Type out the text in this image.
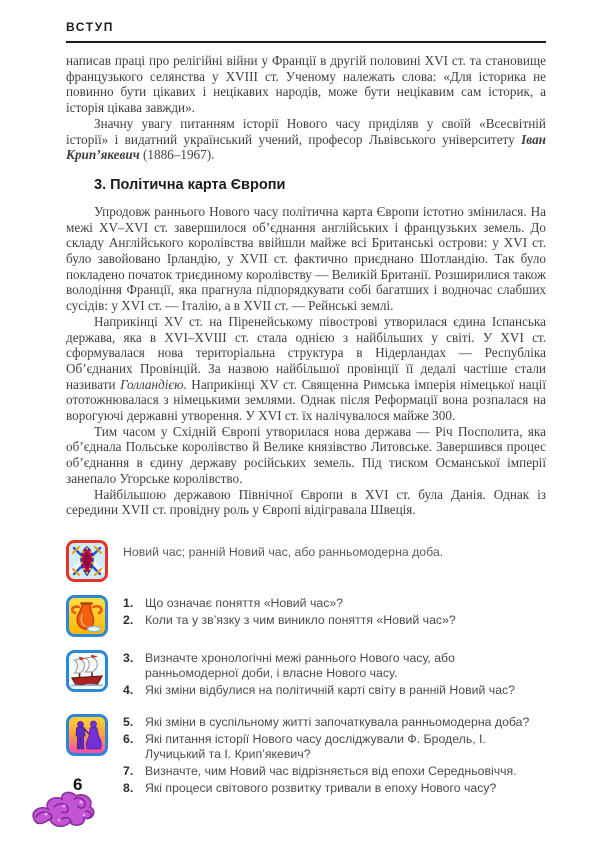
ВСТУП

написав праці про релігійні війни у Франції в другій половині XVI ст. та становище французького селянства у XVIII ст. Ученому належать слова: «Для історика не повинно бути цікавих і нецікавих народів, може бути нецікавим сам історик, а історія цікава завжди».

Значну увагу питанням історії Нового часу приділяв у своїй «Всесвітній історії» і видатний український учений, професор Львівського університету Іван Крип’якевич (1886–1967).

3. Політична карта Європи

Упродовж раннього Нового часу політична карта Європи істотно змінилася. На межі XV–XVI ст. завершилося об’єднання англійських і французьких земель. До складу Англійського королівства ввійшли майже всі Британські острови: у XVI ст. було завойовано Ірландію, у XVII ст. фактично приєднано Шотландію. Так було покладено початок триєдиному королівству — Великій Британії. Розширилися також володіння Франції, яка прагнула підпорядкувати собі багатших і водночас слабших сусідів: у XVI ст. — Італію, а в XVII ст. — Рейнські землі.

Наприкінці XV ст. на Піренейському півострові утворилася єдина Іспанська держава, яка в XVI–XVIII ст. стала однією з найбільших у світі. У XVI ст. сформувалася нова територіальна структура в Нідерландах — Республіка Об’єднаних Провінцій. За назвою найбільшої провінції її дедалі частіше стали називати Голландією. Наприкінці XV ст. Священна Римська імперія німецької нації ототожнювалася з німецькими землями. Однак після Реформації вона розпалася на ворогуючі державні утворення. У XVI ст. їх налічувалося майже 300.

Тим часом у Східній Європі утворилася нова держава — Річ Посполита, яка об’єднала Польське королівство й Велике князівство Литовське. Завершився процес об’єднання в єдину державу російських земель. Під тиском Османської імперії занепало Угорське королівство.

Найбільшою державою Північної Європи в XVI ст. була Данія. Однак із середини XVII ст. провідну роль у Європі відігравала Швеція.

Новий час; ранній Новий час, або ранньомодерна доба.
1. Що означає поняття «Новий час»?
2. Коли та у зв’язку з чим виникло поняття «Новий час»?
3. Визначте хронологічні межі раннього Нового часу, або ранньомодерної доби, і власне Нового часу.
4. Які зміни відбулися на політичній карті світу в ранній Новий час?
5. Які зміни в суспільному житті започаткувала ранньомодерна доба?
6. Які питання історії Нового часу досліджували Ф. Бродель, І. Лучицький та І. Крип’якевич?
7. Визначте, чим Новий час відрізняється від епохи Середньовіччя.
8. Які процеси світового розвитку тривали в епоху Нового часу?
6
